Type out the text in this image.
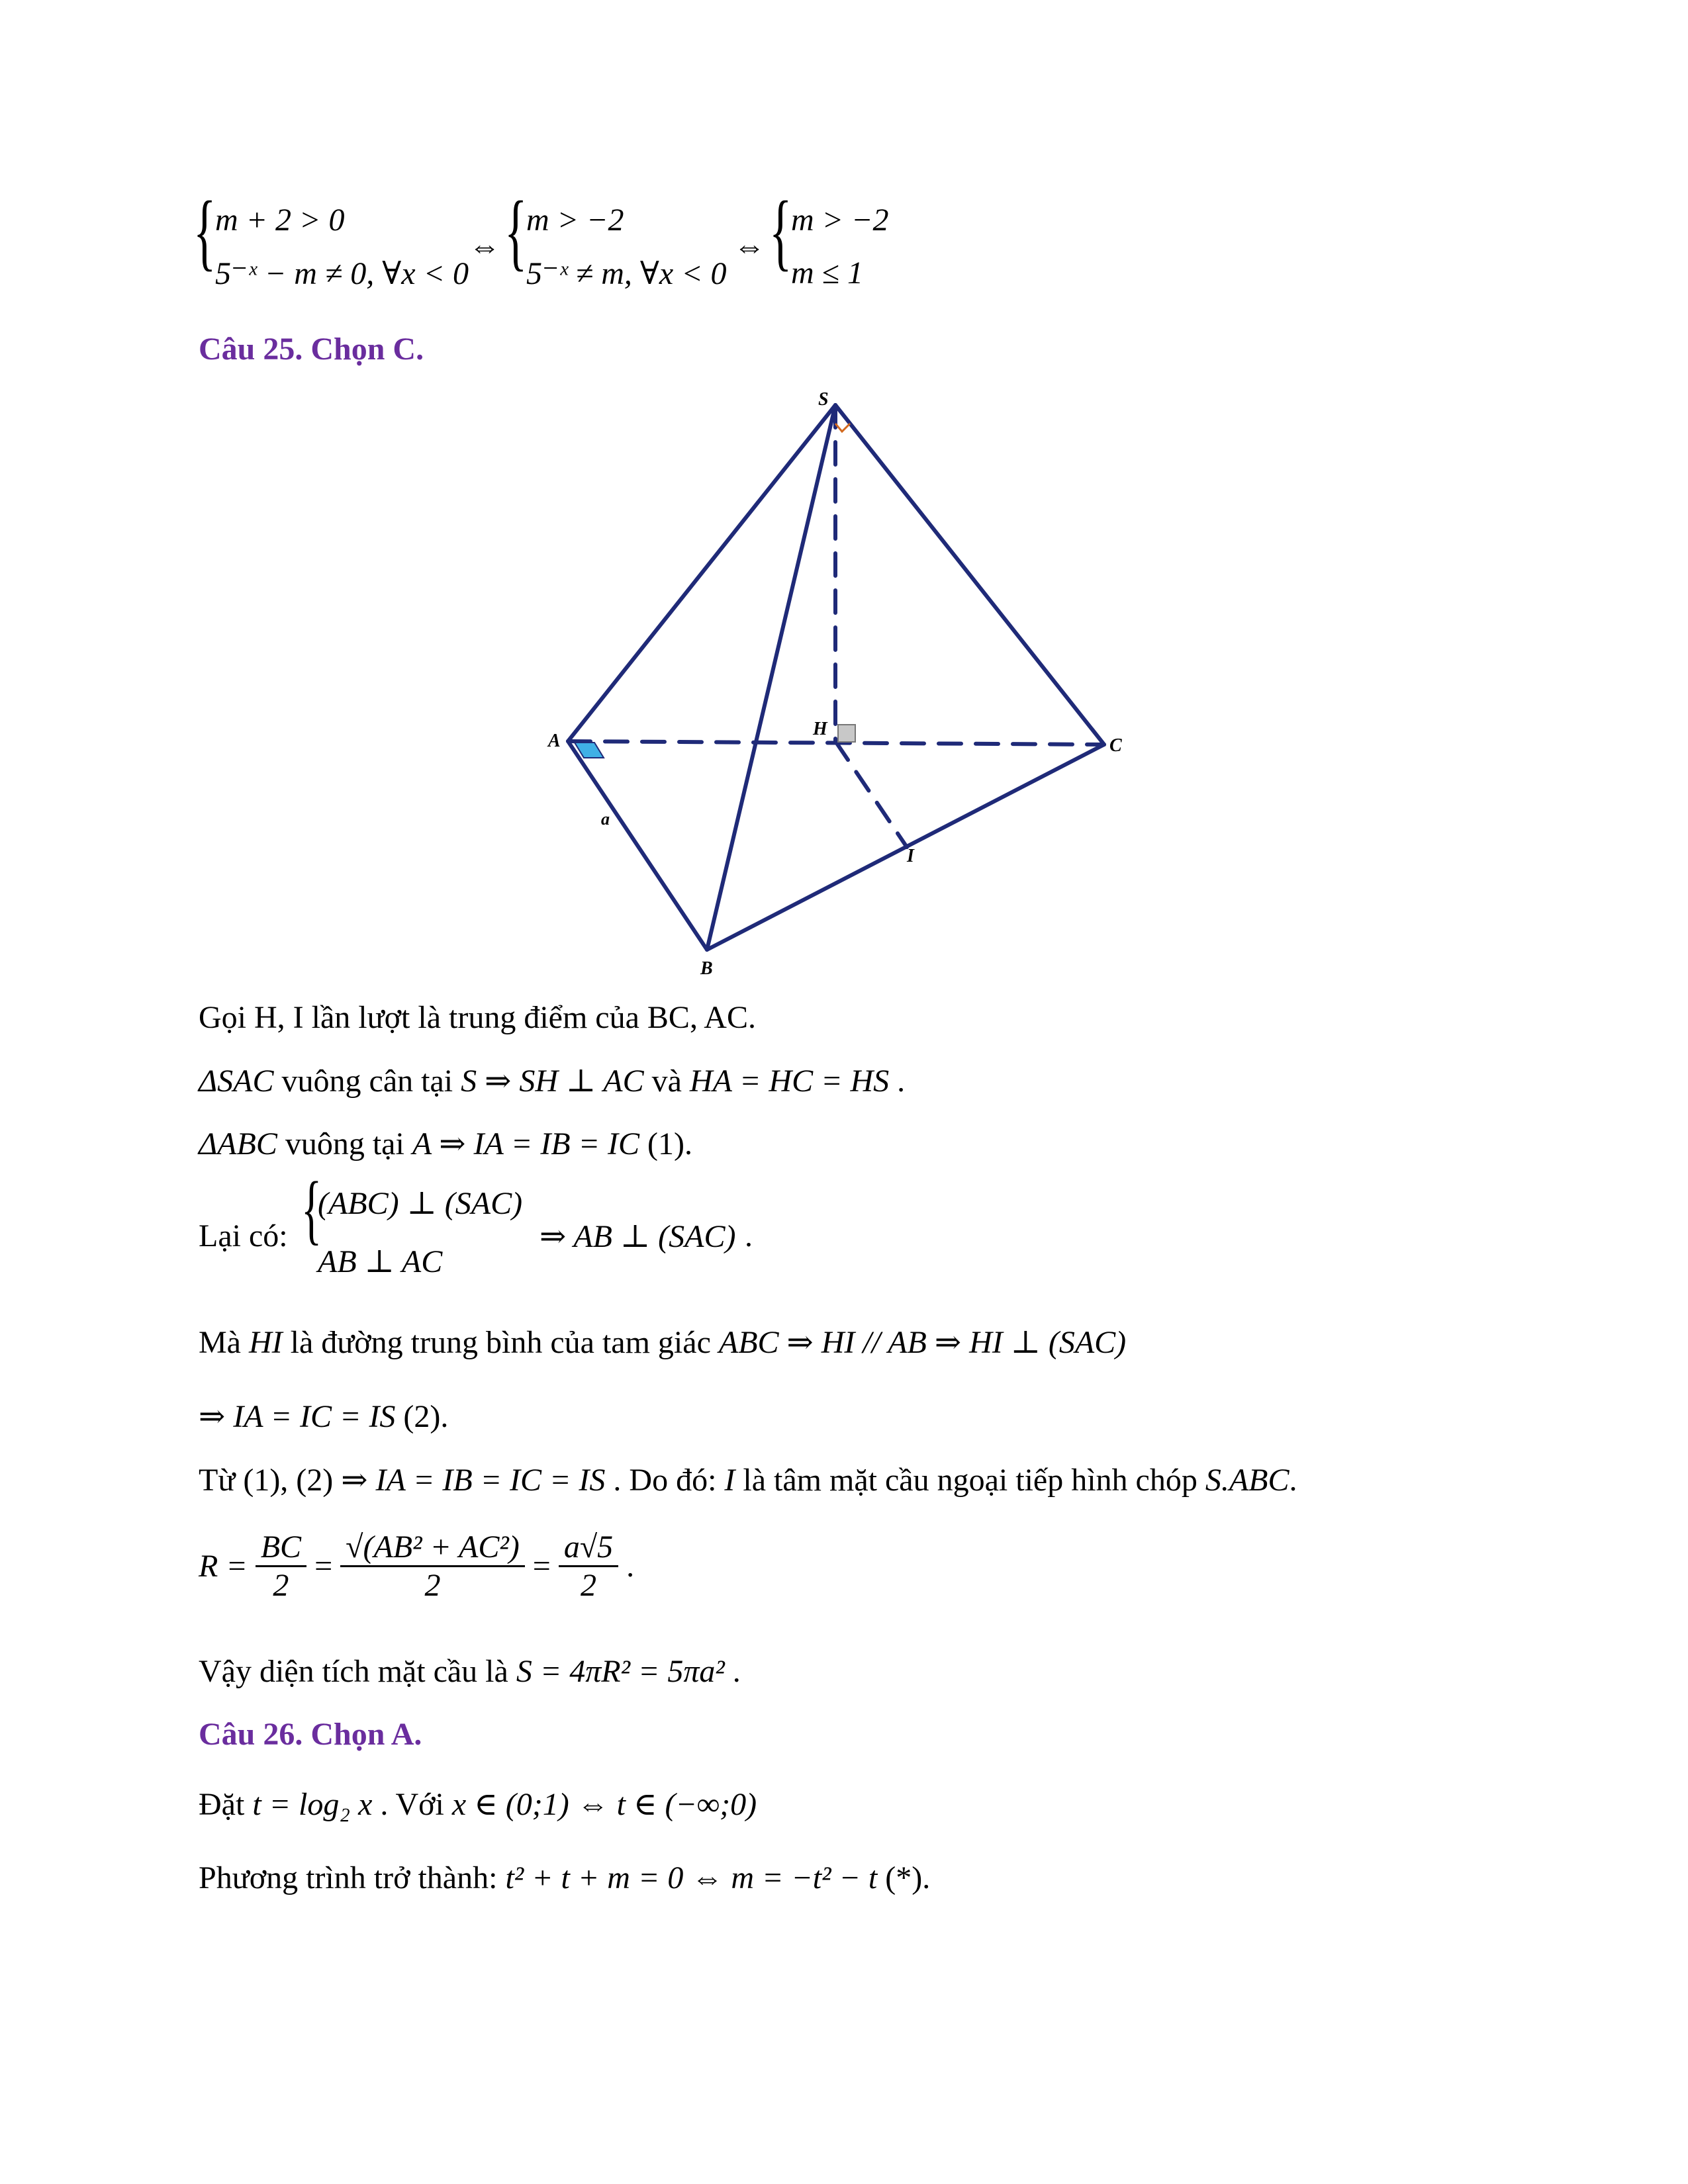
{
m + 2 > 0
5⁻ˣ − m ≠ 0, ∀x < 0
⇔ {
m > −2
5⁻ˣ ≠ m, ∀x < 0
⇔ {
m > −2
m ≤ 1
Câu 25. Chọn C.
S
A
B
C
H
I
a
Gọi H, I lần lượt là trung điểm của BC, AC.
ΔSAC vuông cân tại S ⇒ SH ⊥ AC và HA = HC = HS .
ΔABC vuông tại A ⇒ IA = IB = IC (1).
Lại có: {
(ABC) ⊥ (SAC)
AB ⊥ AC
⇒ AB ⊥ (SAC) .
Mà HI là đường trung bình của tam giác ABC ⇒ HI // AB ⇒ HI ⊥ (SAC)
⇒ IA = IC = IS (2).
Từ (1), (2) ⇒ IA = IB = IC = IS . Do đó: I là tâm mặt cầu ngoại tiếp hình chóp S.ABC.
$R = \frac{BC}{2} = \frac{\text{√(AB² + AC²)}}{2} = \frac{a√5}{2}$ .
Vậy diện tích mặt cầu là S = 4πR² = 5πa² .
Câu 26. Chọn A.
Đặt t = log₂ x . Với x ∈ (0;1) ⇔ t ∈ (−∞;0)
Phương trình trở thành: t² + t + m = 0 ⇔ m = −t² − t (*).
